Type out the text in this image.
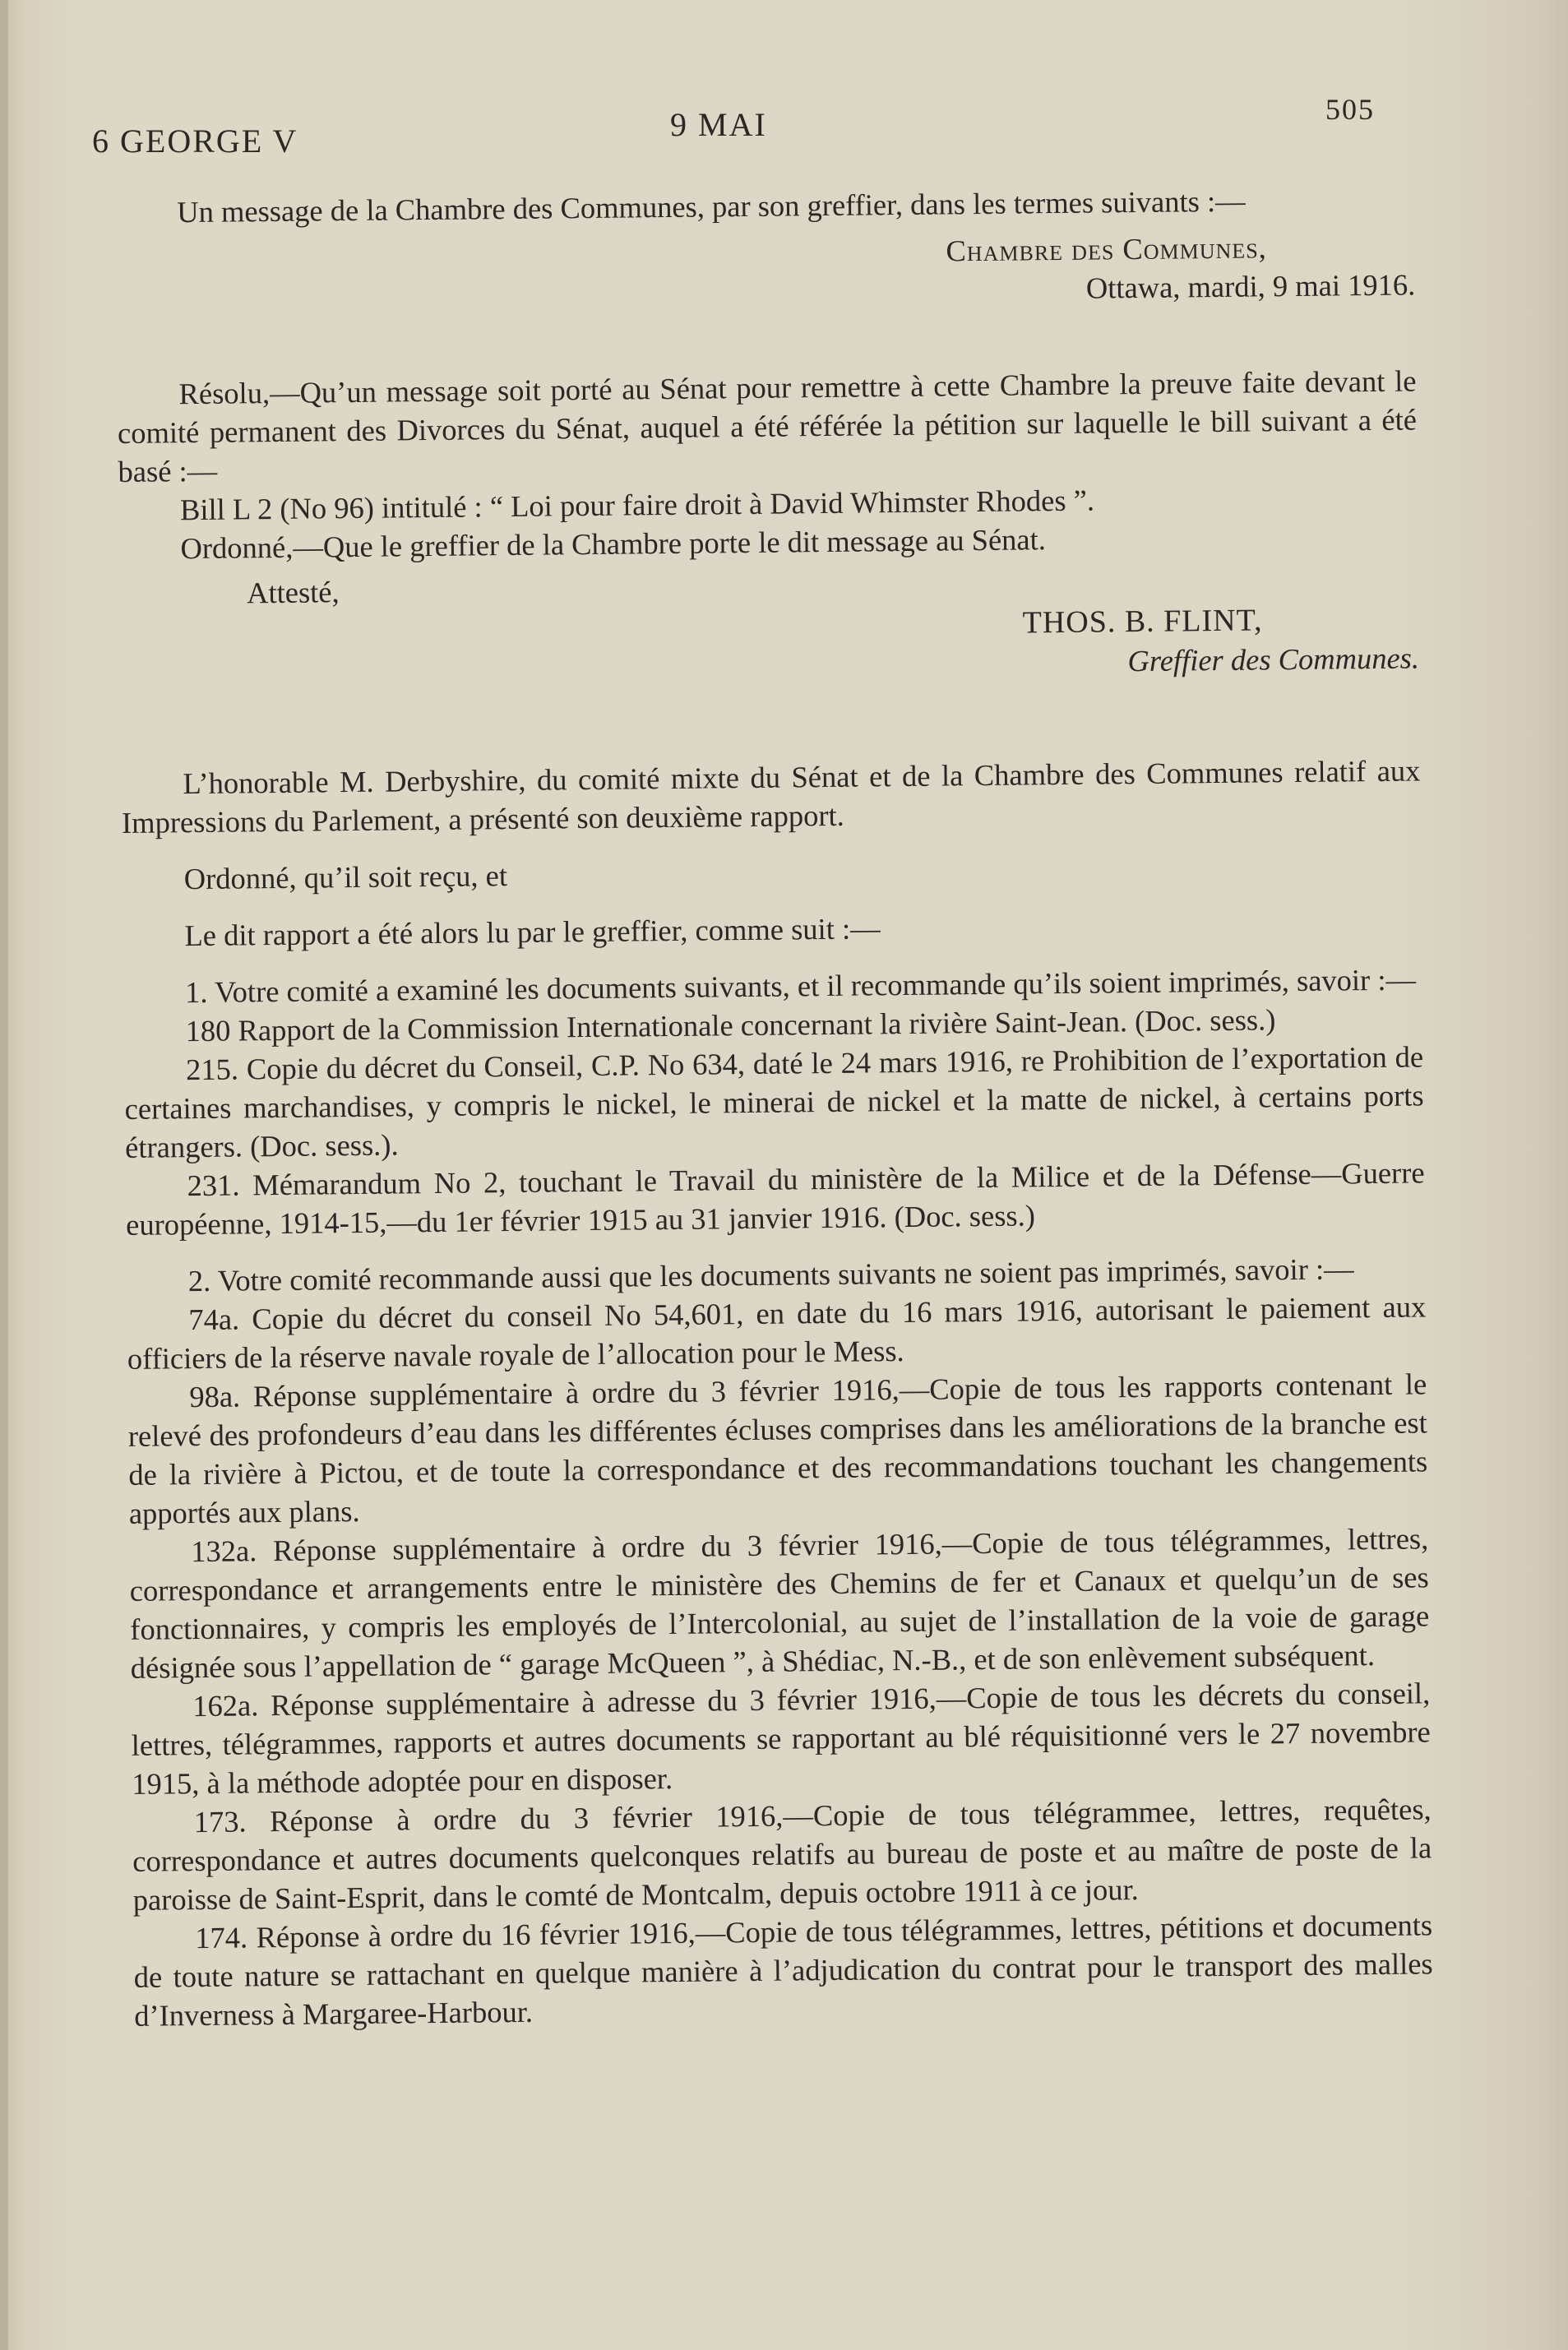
6 GEORGE V	9 MAI	505

Un message de la Chambre des Communes, par son greffier, dans les termes suivants :—

Chambre des Communes,

Ottawa, mardi, 9 mai 1916.

Résolu,—Qu’un message soit porté au Sénat pour remettre à cette Chambre la preuve faite devant le comité permanent des Divorces du Sénat, auquel a été référée la pétition sur laquelle le bill suivant a été basé :—

Bill L 2 (No 96) intitulé : “ Loi pour faire droit à David Whimster Rhodes ”.

Ordonné,—Que le greffier de la Chambre porte le dit message au Sénat.

Attesté,

THOS. B. FLINT,

Greffier des Communes.

L’honorable M. Derbyshire, du comité mixte du Sénat et de la Chambre des Communes relatif aux Impressions du Parlement, a présenté son deuxième rapport.

Ordonné, qu’il soit reçu, et

Le dit rapport a été alors lu par le greffier, comme suit :—

1. Votre comité a examiné les documents suivants, et il recommande qu’ils soient imprimés, savoir :—

180 Rapport de la Commission Internationale concernant la rivière Saint-Jean. (Doc. sess.)

215. Copie du décret du Conseil, C.P. No 634, daté le 24 mars 1916, re Prohibition de l’exportation de certaines marchandises, y compris le nickel, le minerai de nickel et la matte de nickel, à certains ports étrangers. (Doc. sess.).

231. Mémarandum No 2, touchant le Travail du ministère de la Milice et de la Défense—Guerre européenne, 1914-15,—du 1er février 1915 au 31 janvier 1916. (Doc. sess.)

2. Votre comité recommande aussi que les documents suivants ne soient pas imprimés, savoir :—

74a. Copie du décret du conseil No 54,601, en date du 16 mars 1916, autorisant le paiement aux officiers de la réserve navale royale de l’allocation pour le Mess.

98a. Réponse supplémentaire à ordre du 3 février 1916,—Copie de tous les rapports contenant le relevé des profondeurs d’eau dans les différentes écluses comprises dans les améliorations de la branche est de la rivière à Pictou, et de toute la correspondance et des recommandations touchant les changements apportés aux plans.

132a. Réponse supplémentaire à ordre du 3 février 1916,—Copie de tous télégrammes, lettres, correspondance et arrangements entre le ministère des Chemins de fer et Canaux et quelqu’un de ses fonctionnaires, y compris les employés de l’Intercolonial, au sujet de l’installation de la voie de garage désignée sous l’appellation de “ garage McQueen ”, à Shédiac, N.-B., et de son enlèvement subséquent.

162a. Réponse supplémentaire à adresse du 3 février 1916,—Copie de tous les décrets du conseil, lettres, télégrammes, rapports et autres documents se rapportant au blé réquisitionné vers le 27 novembre 1915, à la méthode adoptée pour en disposer.

173. Réponse à ordre du 3 février 1916,—Copie de tous télégrammee, lettres, requêtes, correspondance et autres documents quelconques relatifs au bureau de poste et au maître de poste de la paroisse de Saint-Esprit, dans le comté de Montcalm, depuis octobre 1911 à ce jour.

174. Réponse à ordre du 16 février 1916,—Copie de tous télégrammes, lettres, pétitions et documents de toute nature se rattachant en quelque manière à l’adjudication du contrat pour le transport des malles d’Inverness à Margaree-Harbour.
